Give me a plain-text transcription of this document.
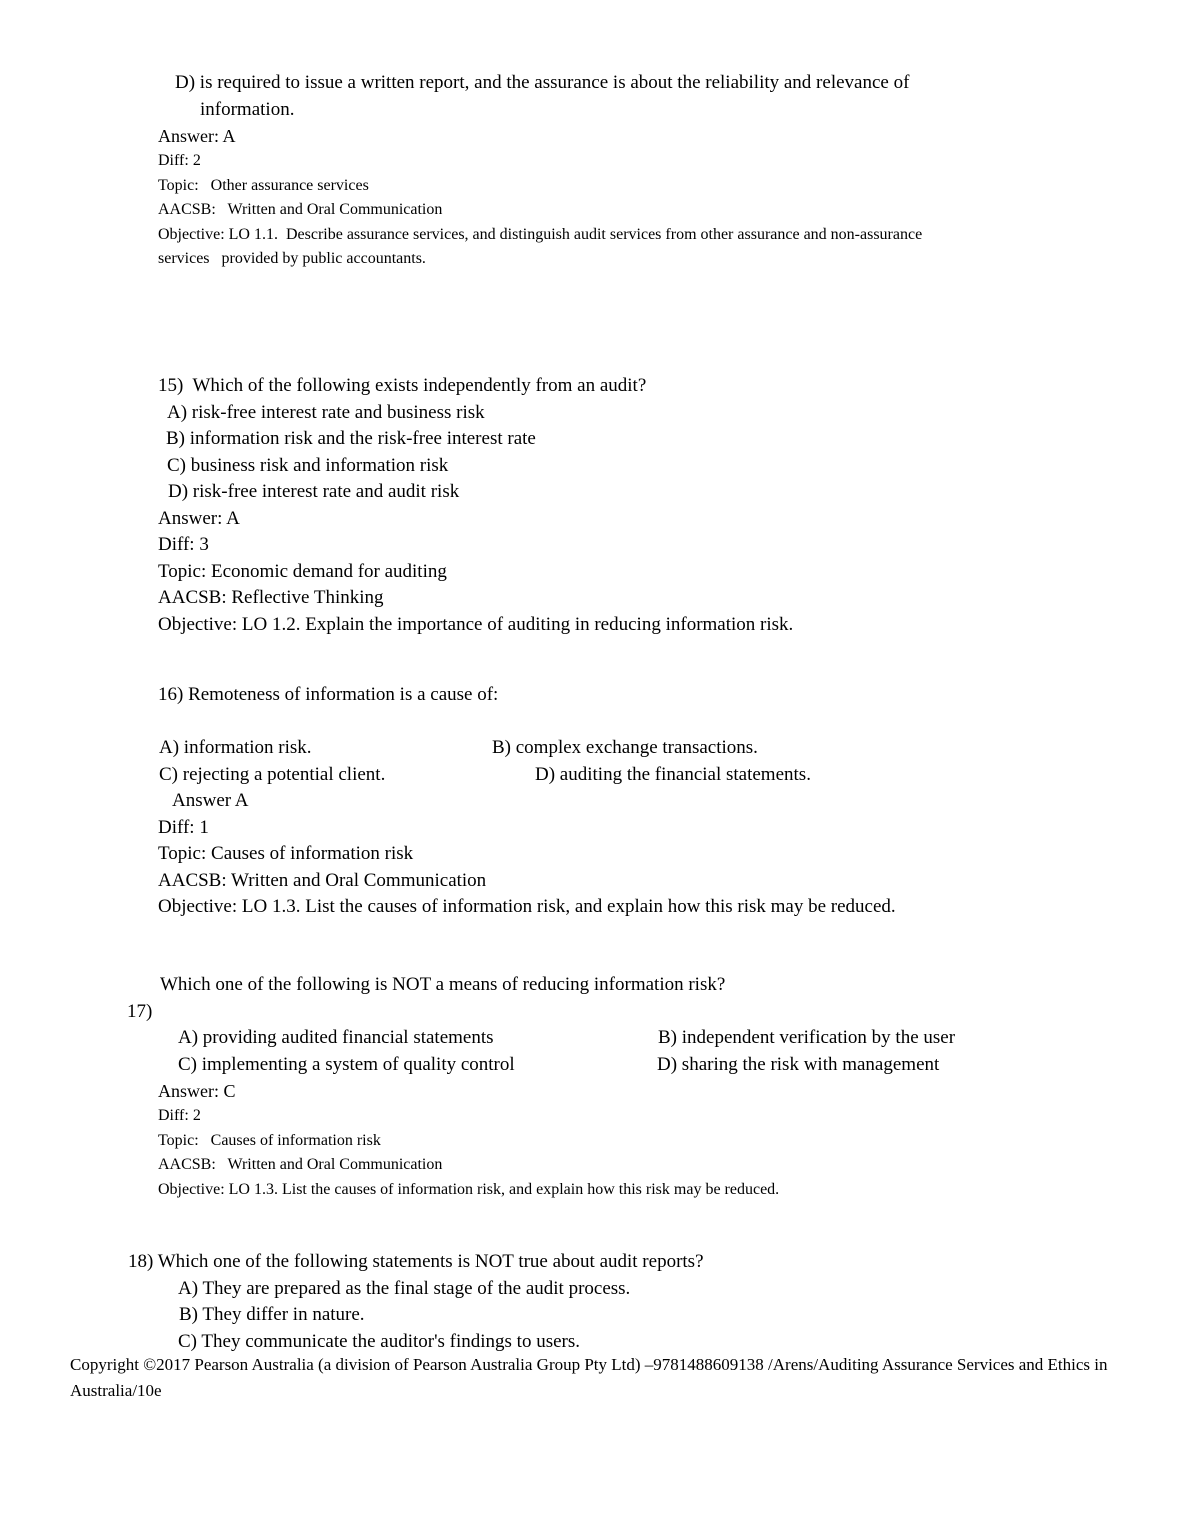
D) is required to issue a written report, and the assurance is about the reliability and relevance of
information.
Answer: A
Diff: 2
Topic:   Other assurance services
AACSB:   Written and Oral Communication
Objective: LO 1.1.  Describe assurance services, and distinguish audit services from other assurance and non-assurance
services   provided by public accountants.
15)  Which of the following exists independently from an audit?
A) risk-free interest rate and business risk
B) information risk and the risk-free interest rate
C) business risk and information risk
D) risk-free interest rate and audit risk
Answer: A
Diff: 3
Topic: Economic demand for auditing
AACSB: Reflective Thinking
Objective: LO 1.2. Explain the importance of auditing in reducing information risk.
16) Remoteness of information is a cause of:
A) information risk.	B) complex exchange transactions.
C) rejecting a potential client.	D) auditing the financial statements.
Answer A
Diff: 1
Topic: Causes of information risk
AACSB: Written and Oral Communication
Objective: LO 1.3. List the causes of information risk, and explain how this risk may be reduced.
Which one of the following is NOT a means of reducing information risk?
17)
A) providing audited financial statements	B) independent verification by the user
C) implementing a system of quality control	D) sharing the risk with management
Answer: C
Diff: 2
Topic:   Causes of information risk
AACSB:   Written and Oral Communication
Objective: LO 1.3. List the causes of information risk, and explain how this risk may be reduced.
18) Which one of the following statements is NOT true about audit reports?
A) They are prepared as the final stage of the audit process.
B) They differ in nature.
C) They communicate the auditor's findings to users.
Copyright ©2017 Pearson Australia (a division of Pearson Australia Group Pty Ltd) –9781488609138 /Arens/Auditing Assurance Services and Ethics in
Australia/10e
